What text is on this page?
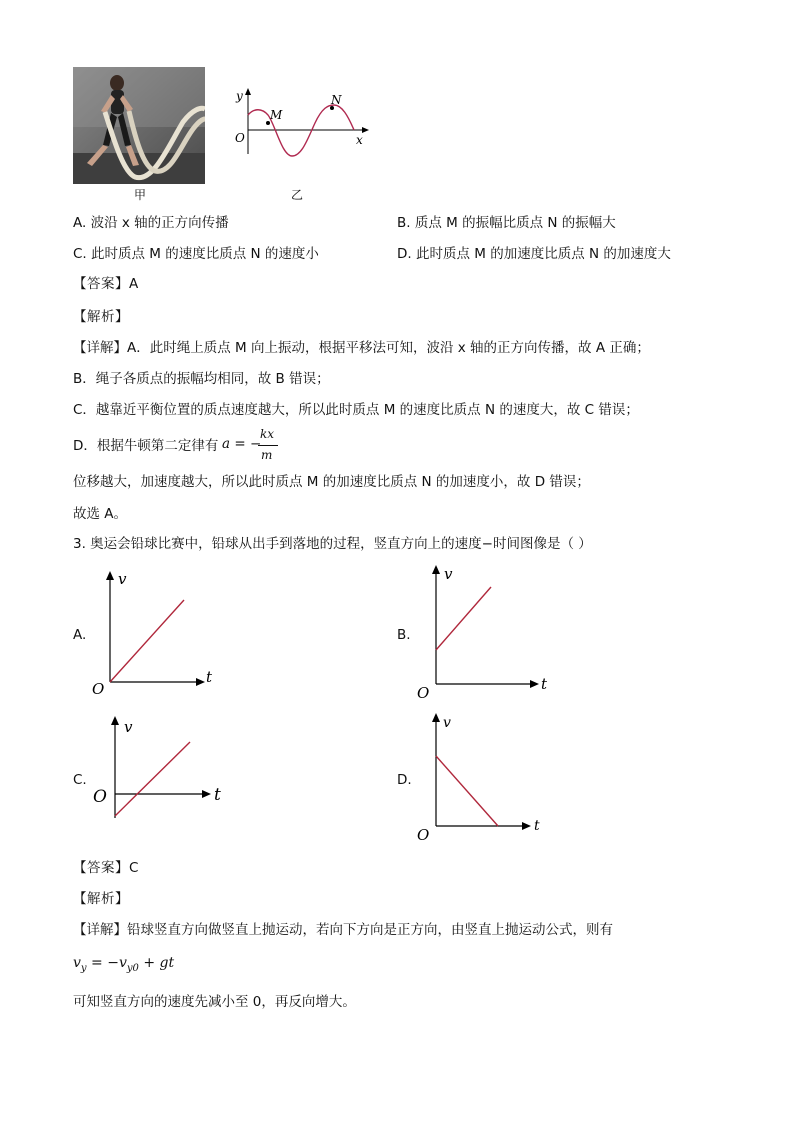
甲
y
x
O
M
N
乙
A. 波沿 x 轴的正方向传播	B. 质点 M 的振幅比质点 N 的振幅大
C. 此时质点 M 的速度比质点 N 的速度小	D. 此时质点 M 的加速度比质点 N 的加速度大
【答案】A
【解析】
【详解】A．此时绳上质点 M 向上振动，根据平移法可知，波沿 x 轴的正方向传播，故 A 正确；
B．绳子各质点的振幅均相同，故 B 错误；
C．越靠近平衡位置的质点速度越大，所以此时质点 M 的速度比质点 N 的速度大，故 C 错误；
D．根据牛顿第二定律有 a = −
kx
m
位移越大，加速度越大，所以此时质点 M 的加速度比质点 N 的加速度小，故 D 错误；
故选 A。
3. 奥运会铅球比赛中，铅球从出手到落地的过程，竖直方向上的速度−时间图像是（ ）
A.
v
t
O
B.
v
t
O
C.
v
t
O
D.
v
t
O
【答案】C
【解析】
【详解】铅球竖直方向做竖直上抛运动，若向下方向是正方向，由竖直上抛运动公式，则有
$v_y = -v_{y0}$ + gt
可知竖直方向的速度先减小至 0，再反向增大。
